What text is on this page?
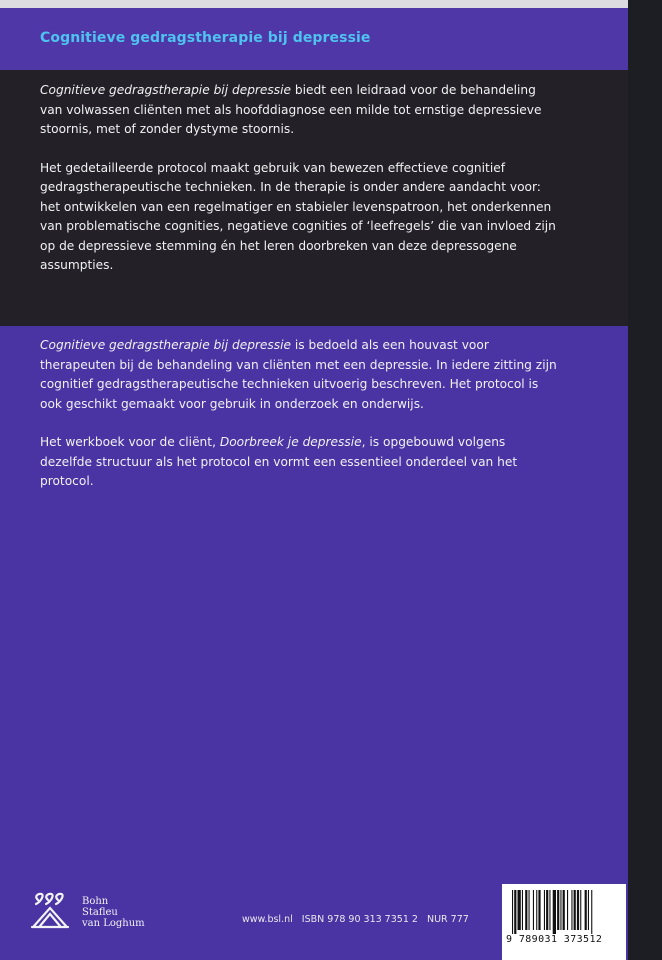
Cognitieve gedragstherapie bij depressie

Cognitieve gedragstherapie bij depressie biedt een leidraad voor de behandeling van volwassen cliënten met als hoofddiagnose een milde tot ernstige depressieve stoornis, met of zonder dystyme stoornis.

Het gedetailleerde protocol maakt gebruik van bewezen effectieve cognitief gedragstherapeutische technieken. In de therapie is onder andere aandacht voor: het ontwikkelen van een regelmatiger en stabieler levenspatroon, het onderkennen van problematische cognities, negatieve cognities of ‘leefregels’ die van invloed zijn op de depressieve stemming én het leren doorbreken van deze depressogene assumpties.

Cognitieve gedragstherapie bij depressie is bedoeld als een houvast voor therapeuten bij de behandeling van cliënten met een depressie. In iedere zitting zijn cognitief gedragstherapeutische technieken uitvoerig beschreven. Het protocol is ook geschikt gemaakt voor gebruik in onderzoek en onderwijs.

Het werkboek voor de cliënt, Doorbreek je depressie, is opgebouwd volgens dezelfde structuur als het protocol en vormt een essentieel onderdeel van het protocol.

Bohn
Stafleu
van Loghum	www.bsl.nl ISBN 978 90 313 7351 2 NUR 777
9 789031 373512
